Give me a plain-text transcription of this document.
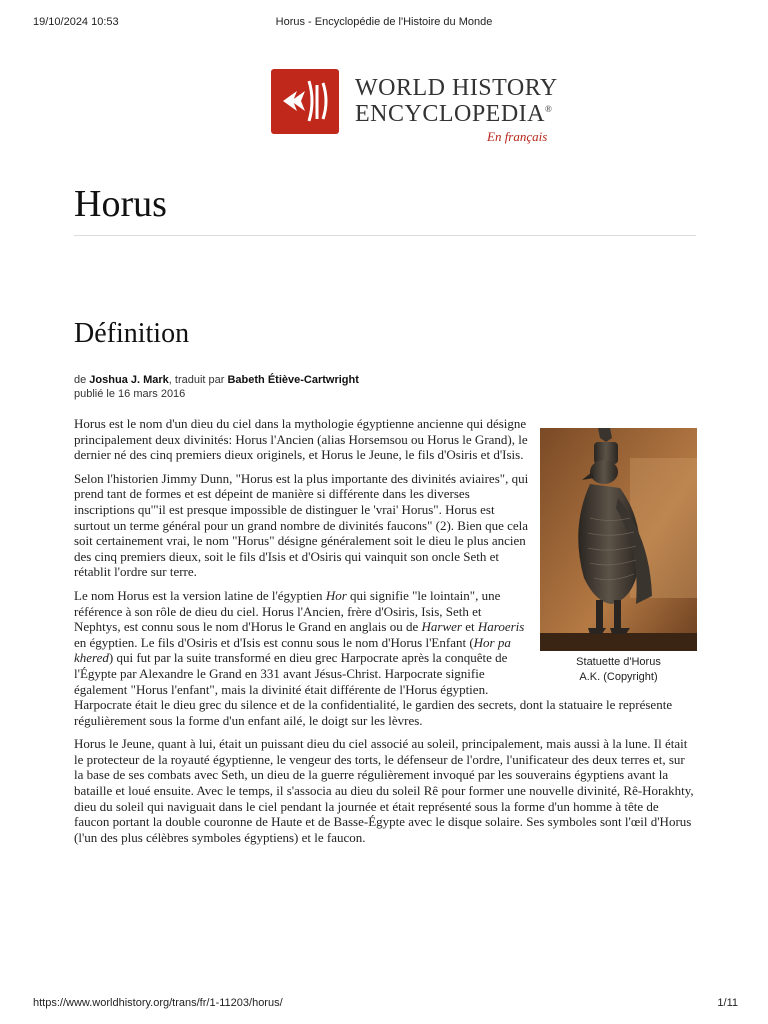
19/10/2024 10:53	Horus - Encyclopédie de l'Histoire du Monde
WORLD HISTORY
ENCYCLOPEDIA®
En français
Horus
Définition
de Joshua J. Mark, traduit par Babeth Étiève-Cartwright
publié le 16 mars 2016
Statuette d'Horus
A.K. (Copyright)

Horus est le nom d'un dieu du ciel dans la mythologie égyptienne ancienne qui désigne principalement deux divinités: Horus l'Ancien (alias Horsemsou ou Horus le Grand), le dernier né des cinq premiers dieux originels, et Horus le Jeune, le fils d'Osiris et d'Isis.

Selon l'historien Jimmy Dunn, "Horus est la plus importante des divinités aviaires", qui prend tant de formes et est dépeint de manière si différente dans les diverses inscriptions qu'"il est presque impossible de distinguer le 'vrai' Horus". Horus est surtout un terme général pour un grand nombre de divinités faucons" (2). Bien que cela soit certainement vrai, le nom "Horus" désigne généralement soit le dieu le plus ancien des cinq premiers dieux, soit le fils d'Isis et d'Osiris qui vainquit son oncle Seth et rétablit l'ordre sur terre.

Le nom Horus est la version latine de l'égyptien Hor qui signifie "le lointain", une référence à son rôle de dieu du ciel. Horus l'Ancien, frère d'Osiris, Isis, Seth et Nephtys, est connu sous le nom d'Horus le Grand en anglais ou de Harwer et Haroeris en égyptien. Le fils d'Osiris et d'Isis est connu sous le nom d'Horus l'Enfant (Hor pa khered) qui fut par la suite transformé en dieu grec Harpocrate après la conquête de l'Égypte par Alexandre le Grand en 331 avant Jésus-Christ. Harpocrate signifie également "Horus l'enfant", mais la divinité était différente de l'Horus égyptien. Harpocrate était le dieu grec du silence et de la confidentialité, le gardien des secrets, dont la statuaire le représente régulièrement sous la forme d'un enfant ailé, le doigt sur les lèvres.

Horus le Jeune, quant à lui, était un puissant dieu du ciel associé au soleil, principalement, mais aussi à la lune. Il était le protecteur de la royauté égyptienne, le vengeur des torts, le défenseur de l'ordre, l'unificateur des deux terres et, sur la base de ses combats avec Seth, un dieu de la guerre régulièrement invoqué par les souverains égyptiens avant la bataille et loué ensuite. Avec le temps, il s'associa au dieu du soleil Rê pour former une nouvelle divinité, Rê-Horakhty, dieu du soleil qui naviguait dans le ciel pendant la journée et était représenté sous la forme d'un homme à tête de faucon portant la double couronne de Haute et de Basse-Égypte avec le disque solaire. Ses symboles sont l'œil d'Horus (l'un des plus célèbres symboles égyptiens) et le faucon.

https://www.worldhistory.org/trans/fr/1-11203/horus/	1/11
